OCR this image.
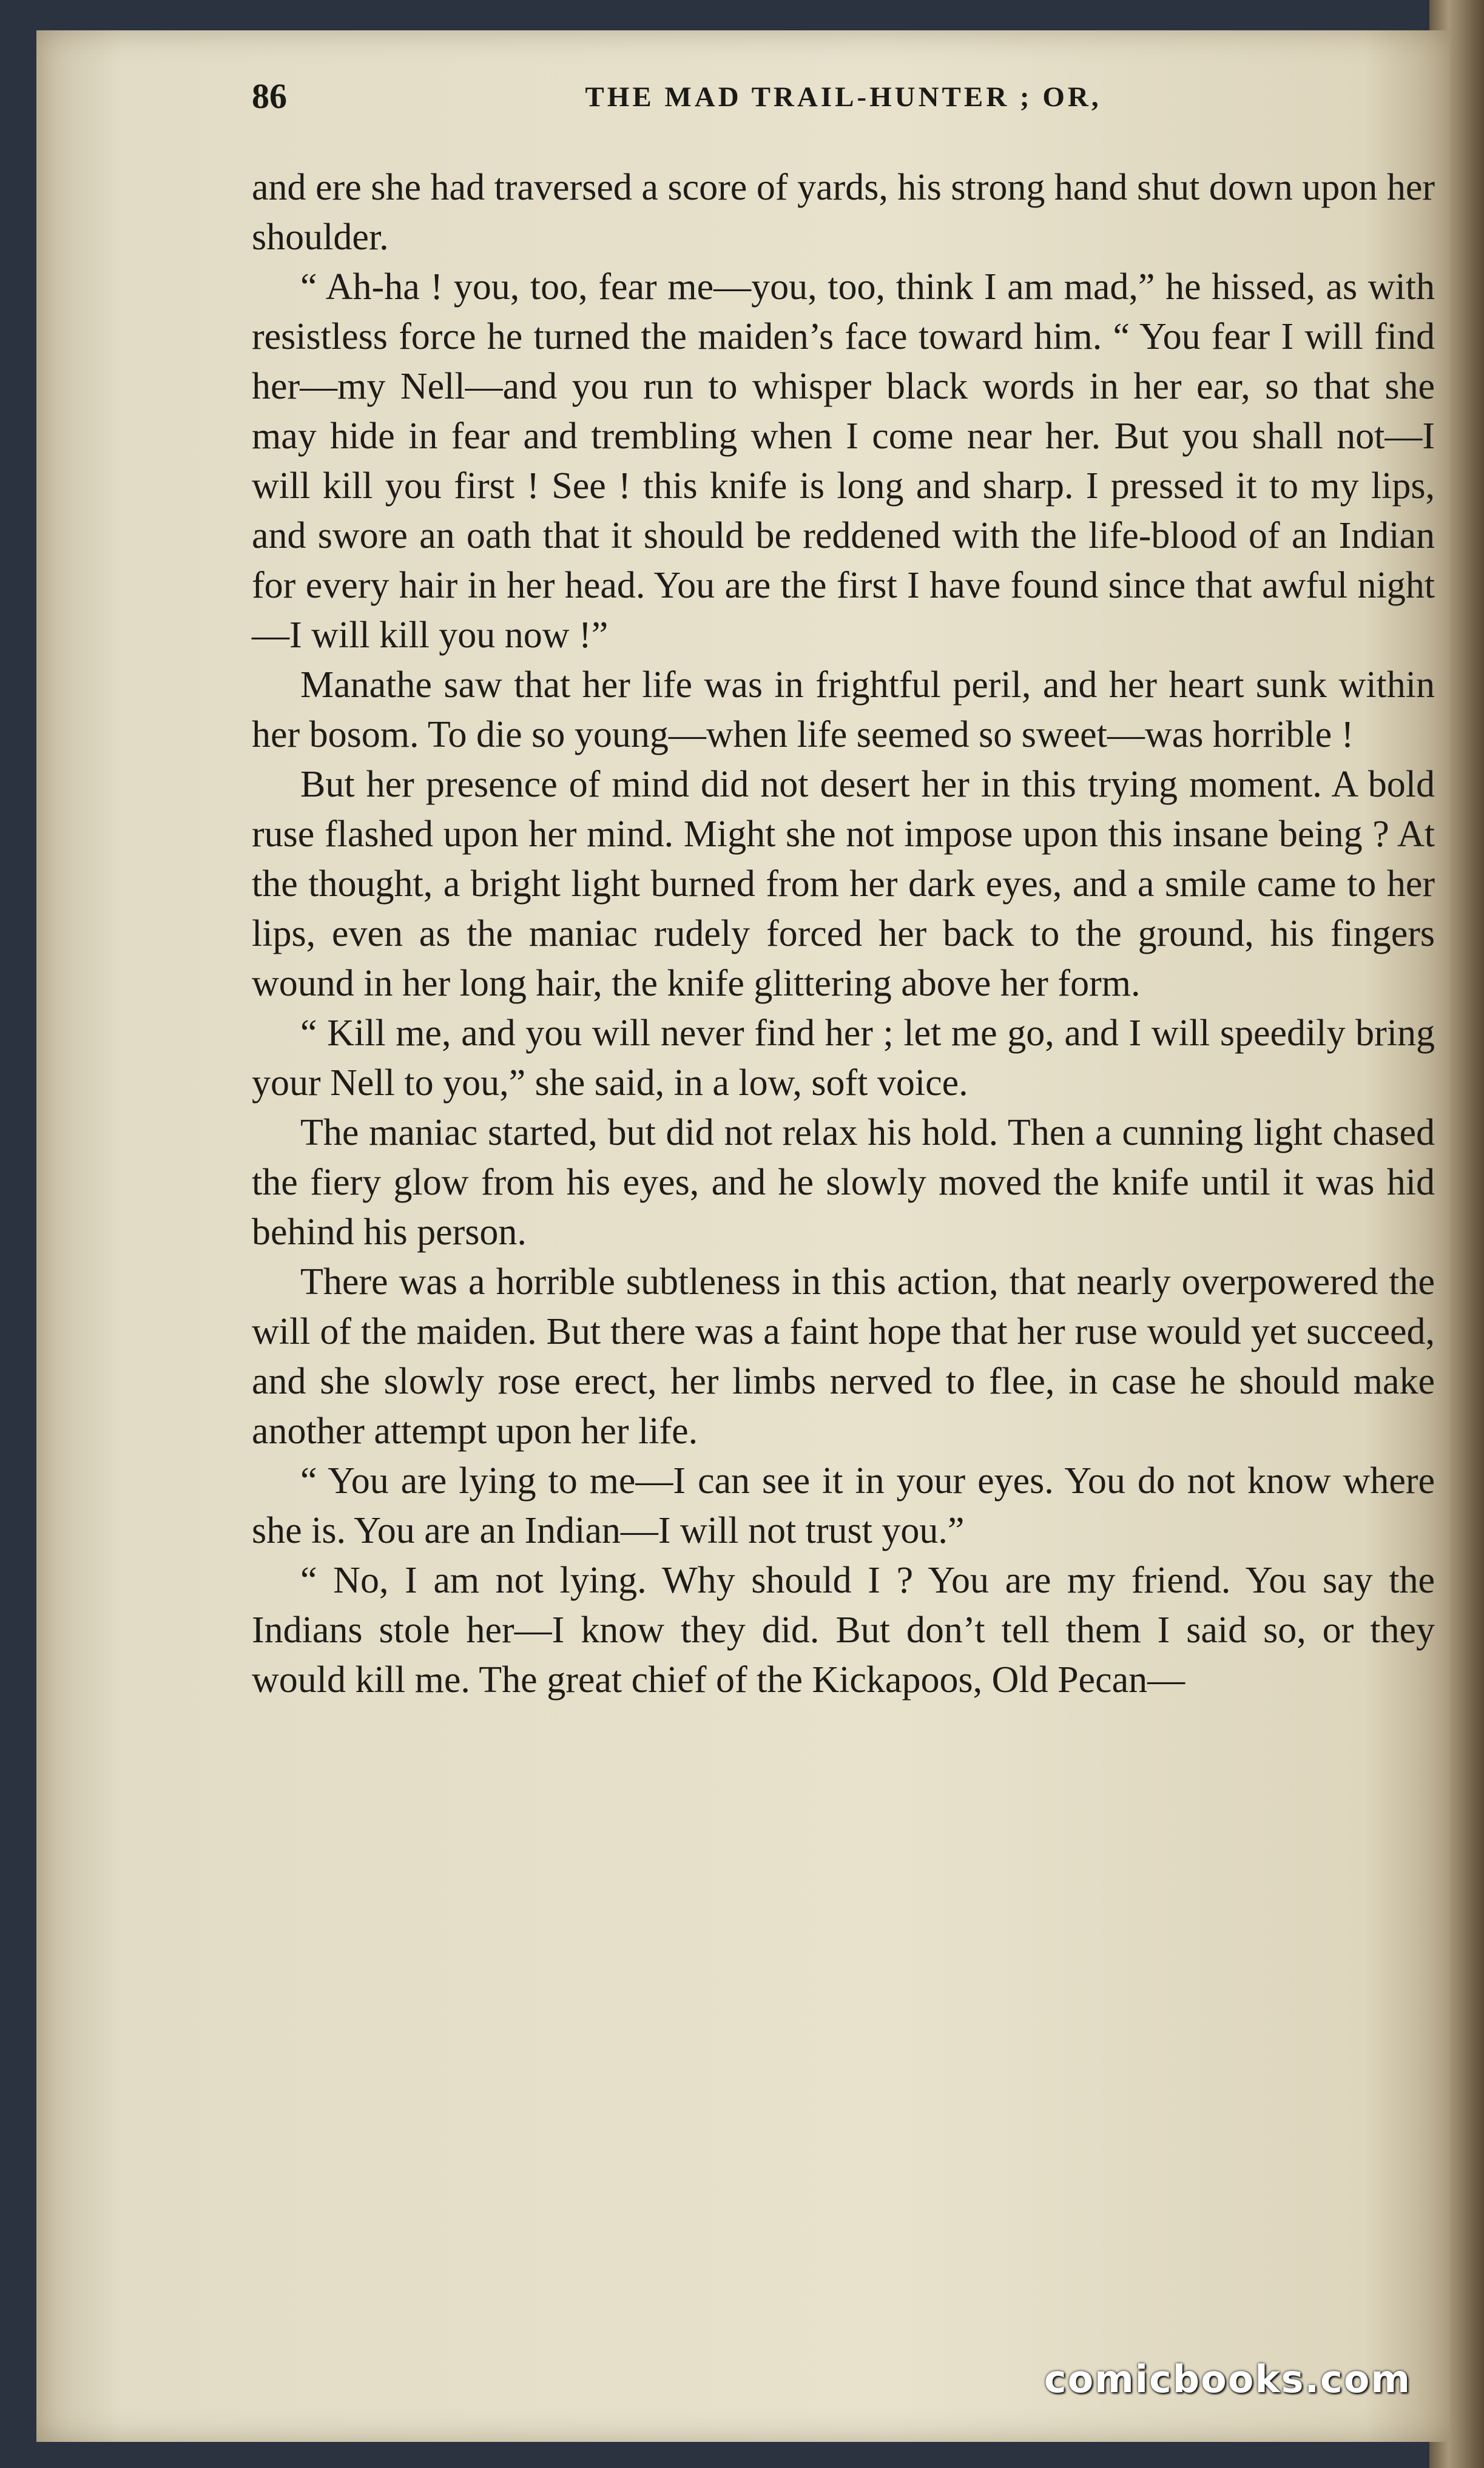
86	THE MAD TRAIL-HUNTER ; OR,

and ere she had traversed a score of yards, his strong hand shut down upon her shoulder.

“ Ah-ha ! you, too, fear me—you, too, think I am mad,” he hissed, as with resistless force he turned the maiden’s face toward him. “ You fear I will find her—my Nell—and you run to whisper black words in her ear, so that she may hide in fear and trembling when I come near her. But you shall not—I will kill you first ! See ! this knife is long and sharp. I pressed it to my lips, and swore an oath that it should be reddened with the life-blood of an Indian for every hair in her head. You are the first I have found since that awful night—I will kill you now !”

Manathe saw that her life was in frightful peril, and her heart sunk within her bosom. To die so young—when life seemed so sweet—was horrible !

But her presence of mind did not desert her in this trying moment. A bold ruse flashed upon her mind. Might she not impose upon this insane being ? At the thought, a bright light burned from her dark eyes, and a smile came to her lips, even as the maniac rudely forced her back to the ground, his fingers wound in her long hair, the knife glittering above her form.

“ Kill me, and you will never find her ; let me go, and I will speedily bring your Nell to you,” she said, in a low, soft voice.

The maniac started, but did not relax his hold. Then a cunning light chased the fiery glow from his eyes, and he slowly moved the knife until it was hid behind his person.

There was a horrible subtleness in this action, that nearly overpowered the will of the maiden. But there was a faint hope that her ruse would yet succeed, and she slowly rose erect, her limbs nerved to flee, in case he should make another attempt upon her life.

“ You are lying to me—I can see it in your eyes. You do not know where she is. You are an Indian—I will not trust you.”

“ No, I am not lying. Why should I ? You are my friend. You say the Indians stole her—I know they did. But don’t tell them I said so, or they would kill me. The great chief of the Kickapoos, Old Pecan—

comicbooks.com
